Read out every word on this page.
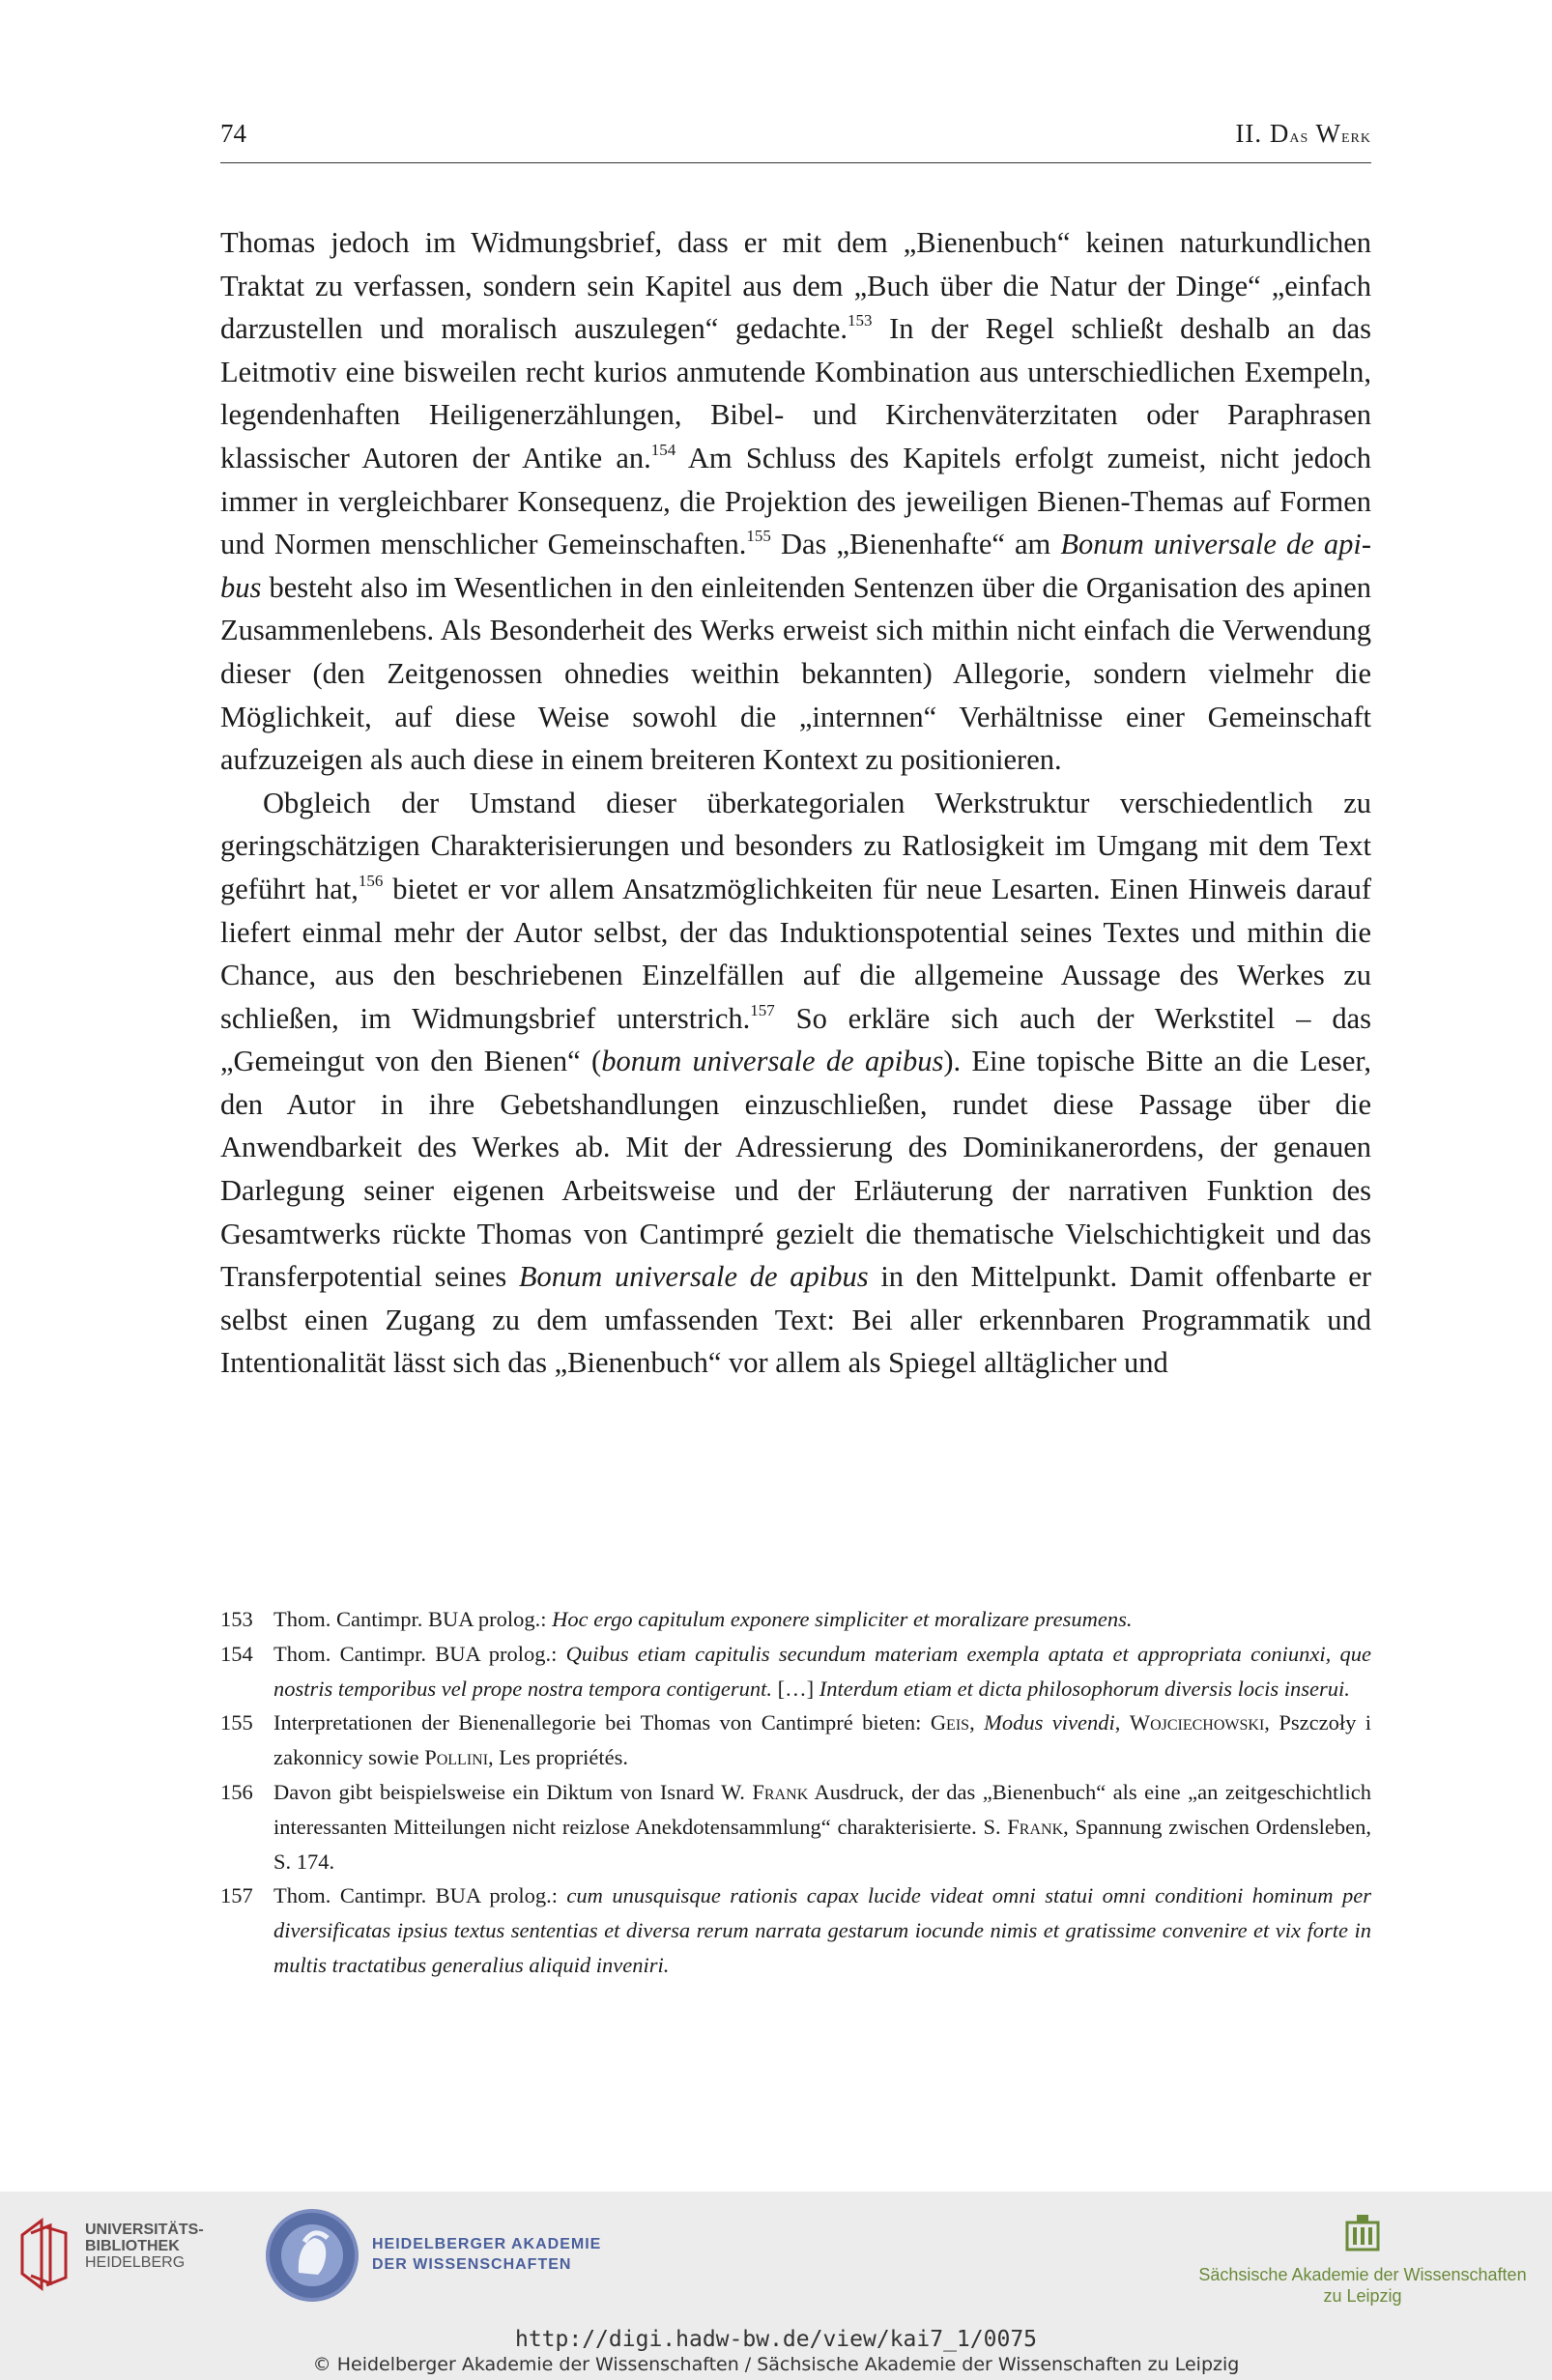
74	II. Das Werk

Thomas jedoch im Widmungsbrief, dass er mit dem „Bienenbuch“ keinen naturkundlichen Traktat zu verfassen, sondern sein Kapitel aus dem „Buch über die Natur der Dinge“ „einfach darzustellen und moralisch auszulegen“ gedachte.$^{153}$ In der Regel schließt deshalb an das Leitmotiv eine bisweilen recht kurios anmutende Kombination aus unterschiedlichen Exempeln, legendenhaften Heiligenerzählungen, Bibel- und Kirchenväterzitaten oder Paraphrasen klassischer Autoren der Antike an.$^{154}$ Am Schluss des Kapitels erfolgt zumeist, nicht jedoch immer in vergleichbarer Konsequenz, die Projektion des jeweiligen Bienen-Themas auf Formen und Normen menschlicher Gemeinschaften.$^{155}$ Das „Bienenhafte“ am Bonum universale de apibus besteht also im Wesentlichen in den einleitenden Sentenzen über die Organisation des apinen Zusammenlebens. Als Besonderheit des Werks erweist sich mithin nicht einfach die Verwendung dieser (den Zeitgenossen ohnedies weithin bekannten) Allegorie, sondern vielmehr die Möglichkeit, auf diese Weise sowohl die „internnen“ Verhältnisse einer Gemeinschaft aufzuzeigen als auch diese in einem breiteren Kontext zu positionieren.

Obgleich der Umstand dieser überkategorialen Werkstruktur verschiedentlich zu geringschätzigen Charakterisierungen und besonders zu Ratlosigkeit im Umgang mit dem Text geführt hat,$^{156}$ bietet er vor allem Ansatzmöglichkeiten für neue Lesarten. Einen Hinweis darauf liefert einmal mehr der Autor selbst, der das Induktionspotential seines Textes und mithin die Chance, aus den beschriebenen Einzelfällen auf die allgemeine Aussage des Werkes zu schließen, im Widmungsbrief unterstrich.$^{157}$ So erkläre sich auch der Werkstitel – das „Gemeingut von den Bienen“ (bonum universale de apibus). Eine topische Bitte an die Leser, den Autor in ihre Gebetshandlungen einzuschließen, rundet diese Passage über die Anwendbarkeit des Werkes ab. Mit der Adressierung des Dominikanerordens, der genauen Darlegung seiner eigenen Arbeitsweise und der Erläuterung der narrativen Funktion des Gesamtwerks rückte Thomas von Cantimpré gezielt die thematische Vielschichtigkeit und das Transferpotential seines Bonum universale de apibus in den Mittelpunkt. Damit offenbarte er selbst einen Zugang zu dem umfassenden Text: Bei aller erkennbaren Programmatik und Intentionalität lässt sich das „Bienenbuch“ vor allem als Spiegel alltäglicher und

153 Thom. Cantimpr. BUA prolog.: Hoc ergo capitulum exponere simpliciter et moralizare presumens.
154 Thom. Cantimpr. BUA prolog.: Quibus etiam capitulis secundum materiam exempla aptata et appropriata coniunxi, que nostris temporibus vel prope nostra tempora contigerunt. […] Interdum etiam et dicta philosophorum diversis locis inserui.
155 Interpretationen der Bienenallegorie bei Thomas von Cantimpré bieten: Geis, Modus vivendi, Wojciechowski, Pszczoły i zakonnicy sowie Pollini, Les propriétés.
156 Davon gibt beispielsweise ein Diktum von Isnard W. Frank Ausdruck, der das „Bienenbuch“ als eine „an zeitgeschichtlich interessanten Mitteilungen nicht reizlose Anekdotensammlung“ charakterisierte. S. Frank, Spannung zwischen Ordensleben, S. 174.
157 Thom. Cantimpr. BUA prolog.: cum unusquisque rationis capax lucide videat omni statui omni conditioni hominum per diversificatas ipsius textus sententias et diversa rerum narrata gestarum iocunde nimis et gratissime convenire et vix forte in multis tractatibus generalius aliquid inveniri.
UNIVERSITÄTS-
BIBLIOTHEK
HEIDELBERG
HEIDELBERGER AKADEMIE
DER WISSENSCHAFTEN
Sächsische Akademie der Wissenschaften
zu Leipzig
http://digi.hadw-bw.de/view/kai7_1/0075
© Heidelberger Akademie der Wissenschaften / Sächsische Akademie der Wissenschaften zu Leipzig
